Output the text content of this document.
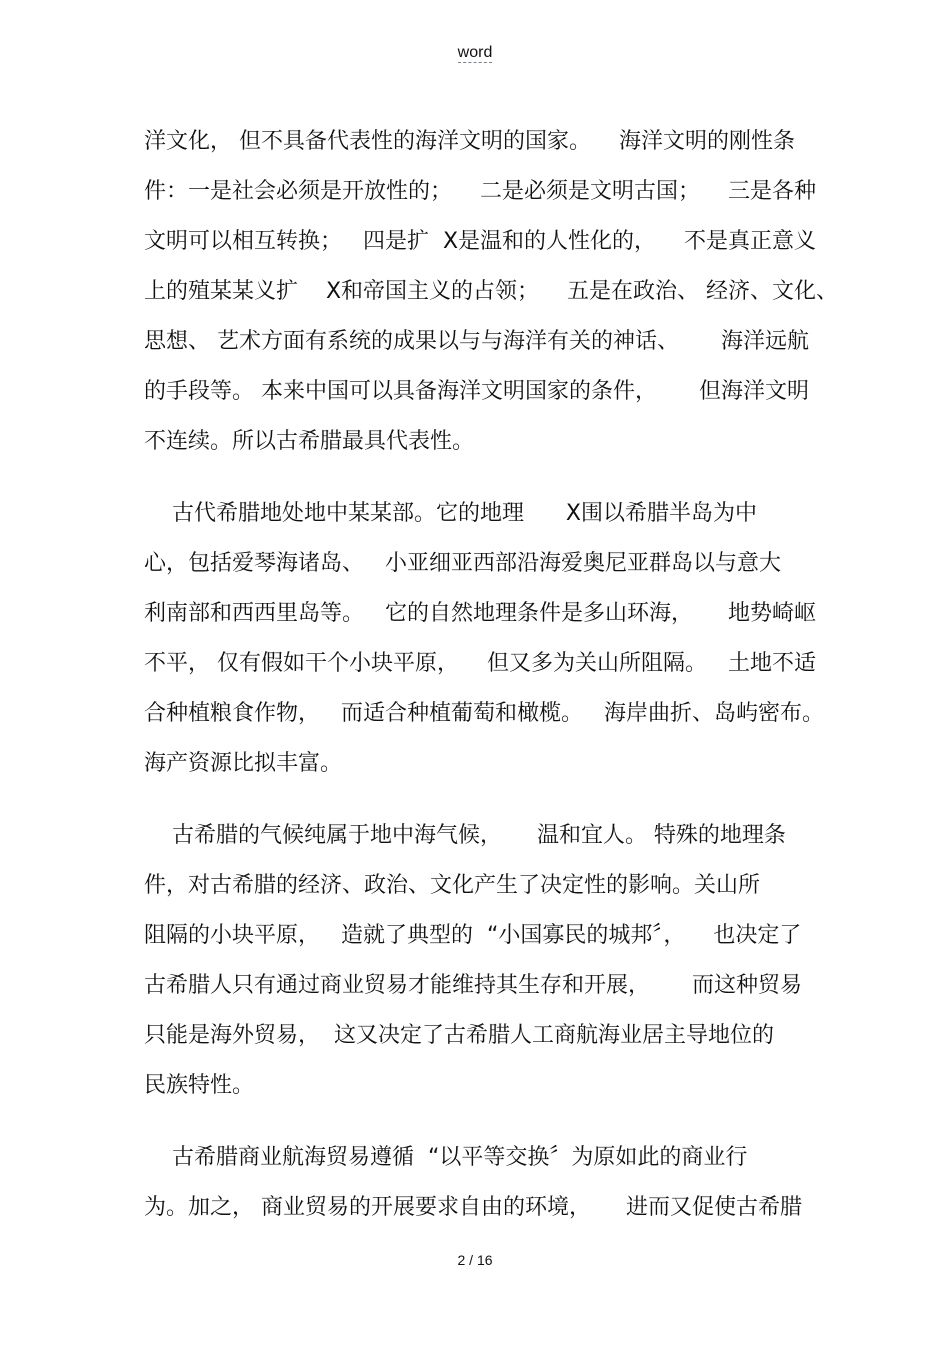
word
洋文化， 但不具备代表性的海洋文明的国家。    海洋文明的刚性条
件：一是社会必须是开放性的；    二是必须是文明古国；    三是各种
文明可以相互转换；   四是扩  X是温和的人性化的，    不是真正意义
上的殖某某义扩    X和帝国主义的占领；    五是在政治、 经济、文化、
思想、 艺术方面有系统的成果以与与海洋有关的神话、      海洋远航
的手段等。 本来中国可以具备海洋文明国家的条件，      但海洋文明
不连续。所以古希腊最具代表性。
古代希腊地处地中某某部。它的地理      X围以希腊半岛为中
心，包括爱琴海诸岛、   小亚细亚西部沿海爱奥尼亚群岛以与意大
利南部和西西里岛等。   它的自然地理条件是多山环海，     地势崎岖
不平， 仅有假如干个小块平原，    但又多为关山所阻隔。   土地不适
合种植粮食作物，   而适合种植葡萄和橄榄。   海岸曲折、岛屿密布。
海产资源比拟丰富。
古希腊的气候纯属于地中海气候，     温和宜人。 特殊的地理条
件，对古希腊的经济、政治、文化产生了决定性的影响。关山所
阻隔的小块平原，   造就了典型的  “小国寡民的城邦〞，    也决定了
古希腊人只有通过商业贸易才能维持其生存和开展，      而这种贸易
只能是海外贸易，  这又决定了古希腊人工商航海业居主导地位的
民族特性。
古希腊商业航海贸易遵循  “以平等交换〞为原如此的商业行
为。加之， 商业贸易的开展要求自由的环境，     进而又促使古希腊
2 / 16
